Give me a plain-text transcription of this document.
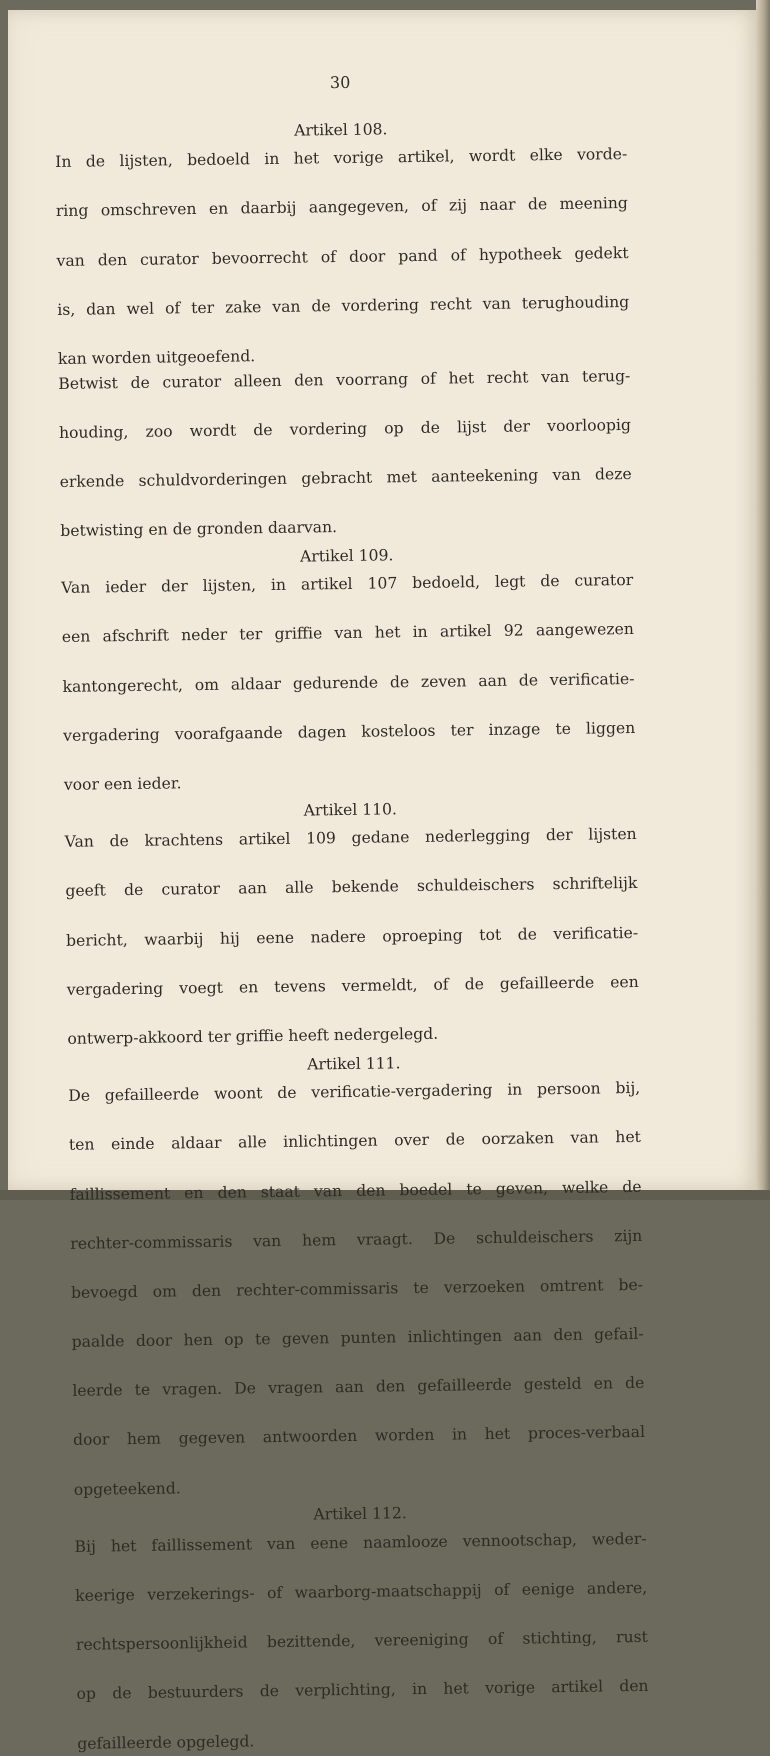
30
Artikel 108.

In de lijsten, bedoeld in het vorige artikel, wordt elke vorde-

ring omschreven en daarbij aangegeven, of zij naar de meening

van den curator bevoorrecht of door pand of hypotheek gedekt

is, dan wel of ter zake van de vordering recht van terughouding

kan worden uitgeoefend.

Betwist de curator alleen den voorrang of het recht van terug-

houding, zoo wordt de vordering op de lijst der voorloopig

erkende schuldvorderingen gebracht met aanteekening van deze

betwisting en de gronden daarvan.

Artikel 109.

Van ieder der lijsten, in artikel 107 bedoeld, legt de curator

een afschrift neder ter griffie van het in artikel 92 aangewezen

kantongerecht, om aldaar gedurende de zeven aan de verificatie-

vergadering voorafgaande dagen kosteloos ter inzage te liggen

voor een ieder.

Artikel 110.

Van de krachtens artikel 109 gedane nederlegging der lijsten

geeft de curator aan alle bekende schuldeischers schriftelijk

bericht, waarbij hij eene nadere oproeping tot de verificatie-

vergadering voegt en tevens vermeldt, of de gefailleerde een

ontwerp-akkoord ter griffie heeft nedergelegd.

Artikel 111.

De gefailleerde woont de verificatie-vergadering in persoon bij,

ten einde aldaar alle inlichtingen over de oorzaken van het

faillissement en den staat van den boedel te geven, welke de

rechter-commissaris van hem vraagt. De schuldeischers zijn

bevoegd om den rechter-commissaris te verzoeken omtrent be-

paalde door hen op te geven punten inlichtingen aan den gefail-

leerde te vragen. De vragen aan den gefailleerde gesteld en de

door hem gegeven antwoorden worden in het proces-verbaal

opgeteekend.

Artikel 112.

Bij het faillissement van eene naamlooze vennootschap, weder-

keerige verzekerings- of waarborg-maatschappij of eenige andere,

rechtspersoonlijkheid bezittende, vereeniging of stichting, rust

op de bestuurders de verplichting, in het vorige artikel den

gefailleerde opgelegd.
